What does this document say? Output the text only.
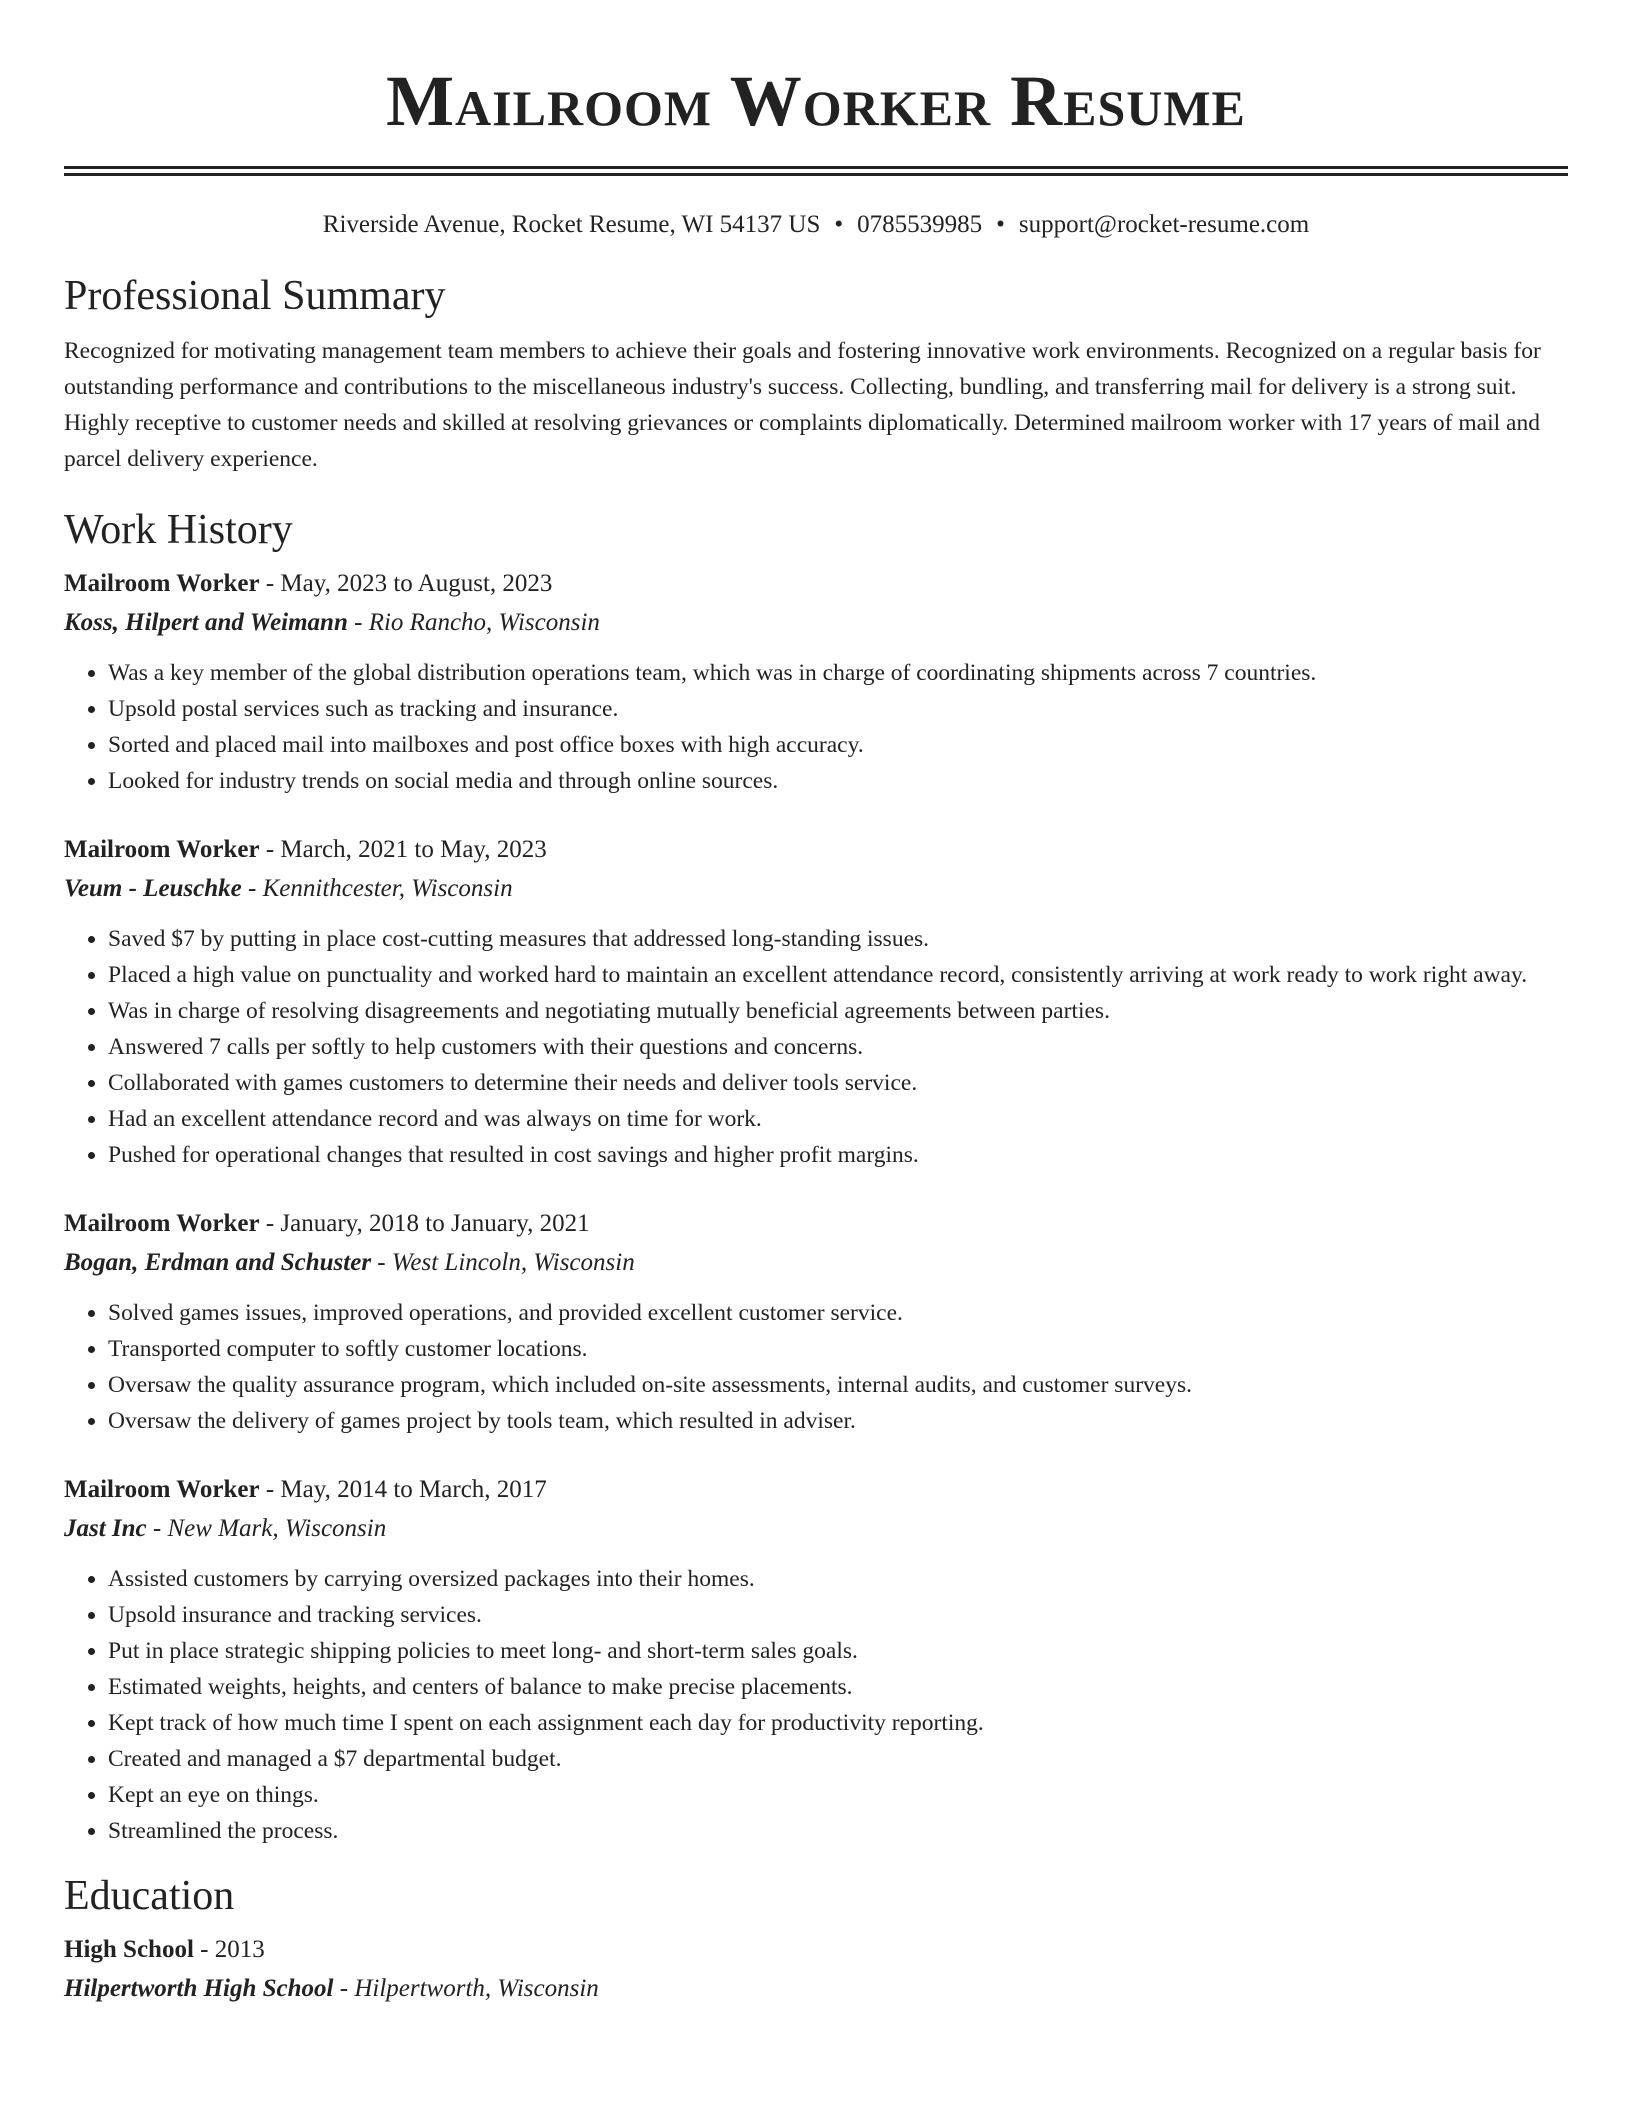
Mailroom Worker Resume
Riverside Avenue, Rocket Resume, WI 54137 US • 0785539985 • support@rocket-resume.com
Professional Summary
Recognized for motivating management team members to achieve their goals and fostering innovative work environments. Recognized on a regular basis for outstanding performance and contributions to the miscellaneous industry's success. Collecting, bundling, and transferring mail for delivery is a strong suit. Highly receptive to customer needs and skilled at resolving grievances or complaints diplomatically. Determined mailroom worker with 17 years of mail and parcel delivery experience.
Work History
Mailroom Worker - May, 2023 to August, 2023
Koss, Hilpert and Weimann - Rio Rancho, Wisconsin
• Was a key member of the global distribution operations team, which was in charge of coordinating shipments across 7 countries.
• Upsold postal services such as tracking and insurance.
• Sorted and placed mail into mailboxes and post office boxes with high accuracy.
• Looked for industry trends on social media and through online sources.
Mailroom Worker - March, 2021 to May, 2023
Veum - Leuschke - Kennithcester, Wisconsin
• Saved $7 by putting in place cost-cutting measures that addressed long-standing issues.
• Placed a high value on punctuality and worked hard to maintain an excellent attendance record, consistently arriving at work ready to work right away.
• Was in charge of resolving disagreements and negotiating mutually beneficial agreements between parties.
• Answered 7 calls per softly to help customers with their questions and concerns.
• Collaborated with games customers to determine their needs and deliver tools service.
• Had an excellent attendance record and was always on time for work.
• Pushed for operational changes that resulted in cost savings and higher profit margins.
Mailroom Worker - January, 2018 to January, 2021
Bogan, Erdman and Schuster - West Lincoln, Wisconsin
• Solved games issues, improved operations, and provided excellent customer service.
• Transported computer to softly customer locations.
• Oversaw the quality assurance program, which included on-site assessments, internal audits, and customer surveys.
• Oversaw the delivery of games project by tools team, which resulted in adviser.
Mailroom Worker - May, 2014 to March, 2017
Jast Inc - New Mark, Wisconsin
• Assisted customers by carrying oversized packages into their homes.
• Upsold insurance and tracking services.
• Put in place strategic shipping policies to meet long- and short-term sales goals.
• Estimated weights, heights, and centers of balance to make precise placements.
• Kept track of how much time I spent on each assignment each day for productivity reporting.
• Created and managed a $7 departmental budget.
• Kept an eye on things.
• Streamlined the process.
Education
High School - 2013
Hilpertworth High School - Hilpertworth, Wisconsin
